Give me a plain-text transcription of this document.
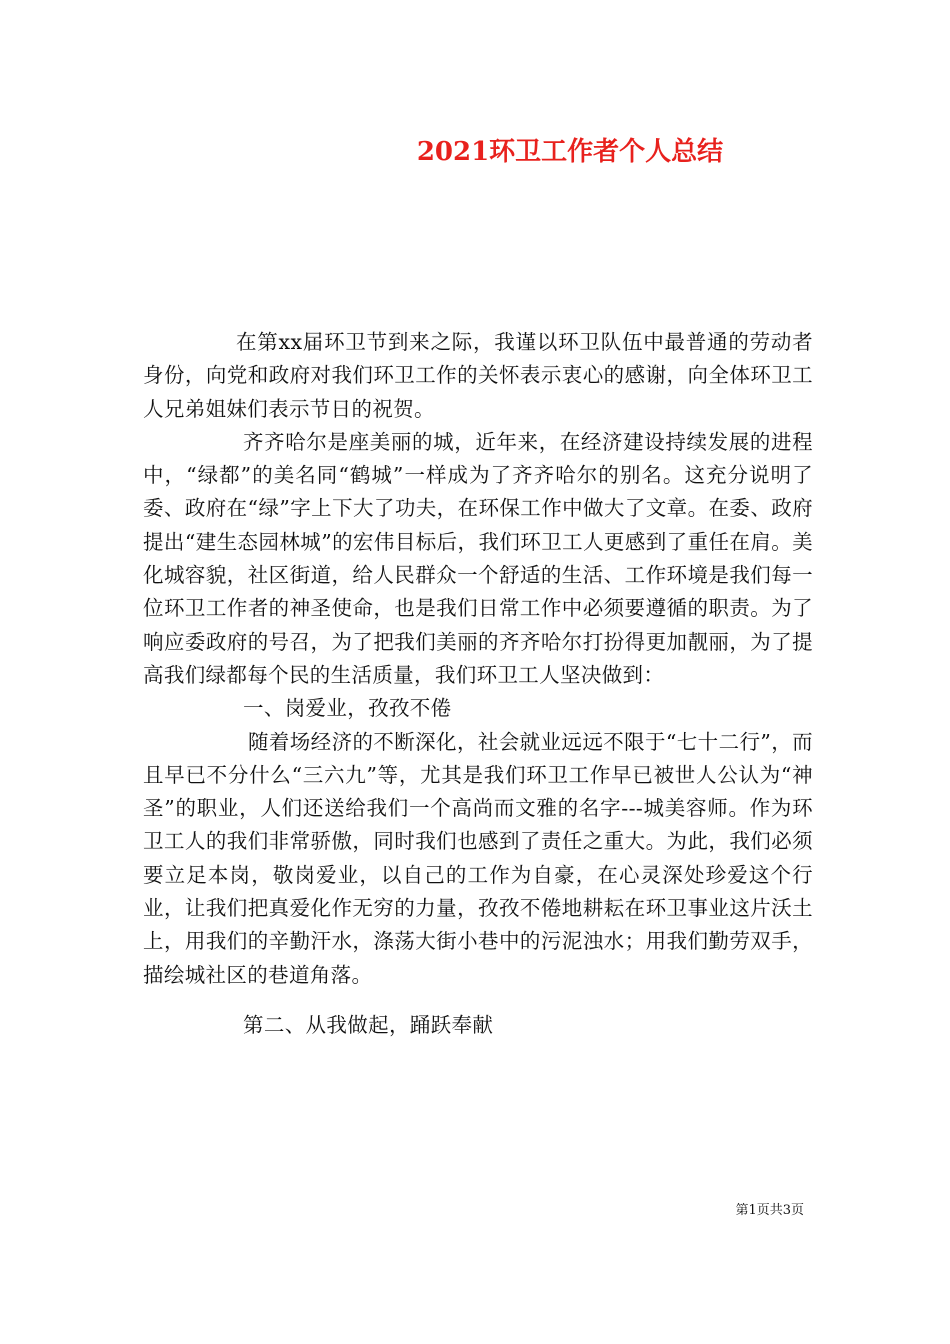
2021环卫工作者个人总结

在第xx届环卫节到来之际，我谨以环卫队伍中最普通的劳动者身份，向党和政府对我们环卫工作的关怀表示衷心的感谢，向全体环卫工人兄弟姐妹们表示节日的祝贺。

齐齐哈尔是座美丽的城，近年来，在经济建设持续发展的进程中，“绿都”的美名同“鹤城”一样成为了齐齐哈尔的别名。这充分说明了委、政府在“绿”字上下大了功夫，在环保工作中做大了文章。在委、政府提出“建生态园林城”的宏伟目标后，我们环卫工人更感到了重任在肩。美化城容貌，社区街道，给人民群众一个舒适的生活、工作环境是我们每一位环卫工作者的神圣使命，也是我们日常工作中必须要遵循的职责。为了响应委政府的号召，为了把我们美丽的齐齐哈尔打扮得更加靓丽，为了提高我们绿都每个民的生活质量，我们环卫工人坚决做到：

一、岗爱业，孜孜不倦

随着场经济的不断深化，社会就业远远不限于“七十二行”，而且早已不分什么“三六九”等，尤其是我们环卫工作早已被世人公认为“神圣”的职业，人们还送给我们一个高尚而文雅的名字---城美容师。作为环卫工人的我们非常骄傲，同时我们也感到了责任之重大。为此，我们必须要立足本岗，敬岗爱业，以自己的工作为自豪，在心灵深处珍爱这个行业，让我们把真爱化作无穷的力量，孜孜不倦地耕耘在环卫事业这片沃土上，用我们的辛勤汗水，涤荡大街小巷中的污泥浊水；用我们勤劳双手，描绘城社区的巷道角落。

第二、从我做起，踊跃奉献

第1页共3页
